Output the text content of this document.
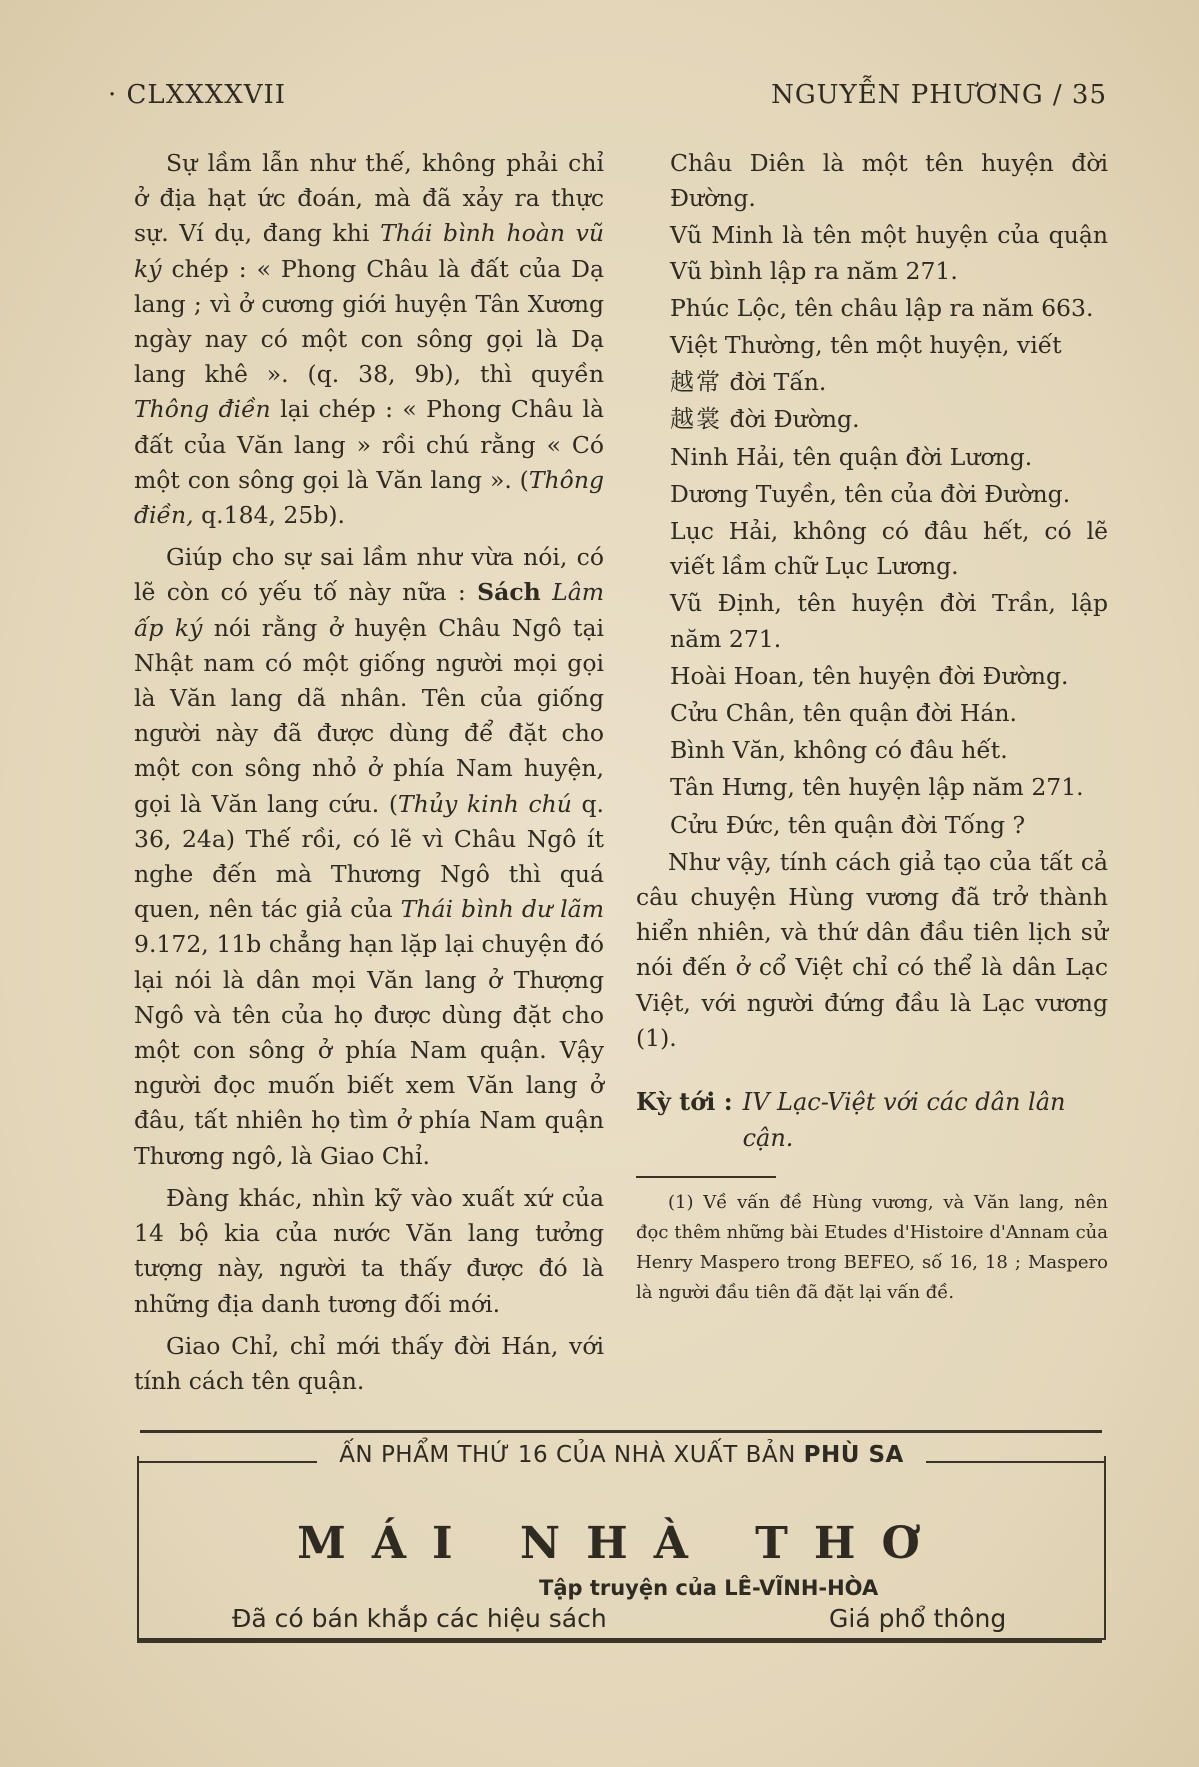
· CLXXXXVII	NGUYỄN PHƯƠNG / 35

Sự lầm lẫn như thế, không phải chỉ ở địa hạt ức đoán, mà đã xảy ra thực sự. Ví dụ, đang khi Thái bình hoàn vũ ký chép : « Phong Châu là đất của Dạ lang ; vì ở cương giới huyện Tân Xương ngày nay có một con sông gọi là Dạ lang khê ». (q. 38, 9b), thì quyền Thông điền lại chép : « Phong Châu là đất của Văn lang » rồi chú rằng « Có một con sông gọi là Văn lang ». (Thông điền, q.184, 25b).

Giúp cho sự sai lầm như vừa nói, có lẽ còn có yếu tố này nữa : Sách Lâm ấp ký nói rằng ở huyện Châu Ngô tại Nhật nam có một giống người mọi gọi là Văn lang dã nhân. Tên của giống người này đã được dùng để đặt cho một con sông nhỏ ở phía Nam huyện, gọi là Văn lang cứu. (Thủy kinh chú q. 36, 24a) Thế rồi, có lẽ vì Châu Ngô ít nghe đến mà Thương Ngô thì quá quen, nên tác giả của Thái bình dư lãm 9.172, 11b chẳng hạn lặp lại chuyện đó lại nói là dân mọi Văn lang ở Thượng Ngô và tên của họ được dùng đặt cho một con sông ở phía Nam quận. Vậy người đọc muốn biết xem Văn lang ở đâu, tất nhiên họ tìm ở phía Nam quận Thương ngô, là Giao Chỉ.

Đàng khác, nhìn kỹ vào xuất xứ của 14 bộ kia của nước Văn lang tưởng tượng này, người ta thấy được đó là những địa danh tương đối mới.

Giao Chỉ, chỉ mới thấy đời Hán, với tính cách tên quận.

Châu Diên là một tên huyện đời Đường.

Vũ Minh là tên một huyện của quận Vũ bình lập ra năm 271.

Phúc Lộc, tên châu lập ra năm 663.

Việt Thường, tên một huyện, viết

越常 đời Tấn.

越裳 đời Đường.

Ninh Hải, tên quận đời Lương.

Dương Tuyền, tên của đời Đường.

Lục Hải, không có đâu hết, có lẽ viết lầm chữ Lục Lương.

Vũ Định, tên huyện đời Trần, lập năm 271.

Hoài Hoan, tên huyện đời Đường.

Cửu Chân, tên quận đời Hán.

Bình Văn, không có đâu hết.

Tân Hưng, tên huyện lập năm 271.

Cửu Đức, tên quận đời Tống ?

Như vậy, tính cách giả tạo của tất cả câu chuyện Hùng vương đã trở thành hiển nhiên, và thứ dân đầu tiên lịch sử nói đến ở cổ Việt chỉ có thể là dân Lạc Việt, với người đứng đầu là Lạc vương (1).

Kỳ tới : IV Lạc-Việt với các dân lân cận.

(1) Về vấn đề Hùng vương, và Văn lang, nên đọc thêm những bài Etudes d'Histoire d'Annam của Henry Maspero trong BEFEO, số 16, 18 ; Maspero là người đầu tiên đã đặt lại vấn đề.

ẤN PHẨM THỨ 16 CỦA NHÀ XUẤT BẢN PHÙ SA
MÁI NHÀ THƠ
Tập truyện của LÊ-VĨNH-HÒA
Đã có bán khắp các hiệu sách	Giá phổ thông
